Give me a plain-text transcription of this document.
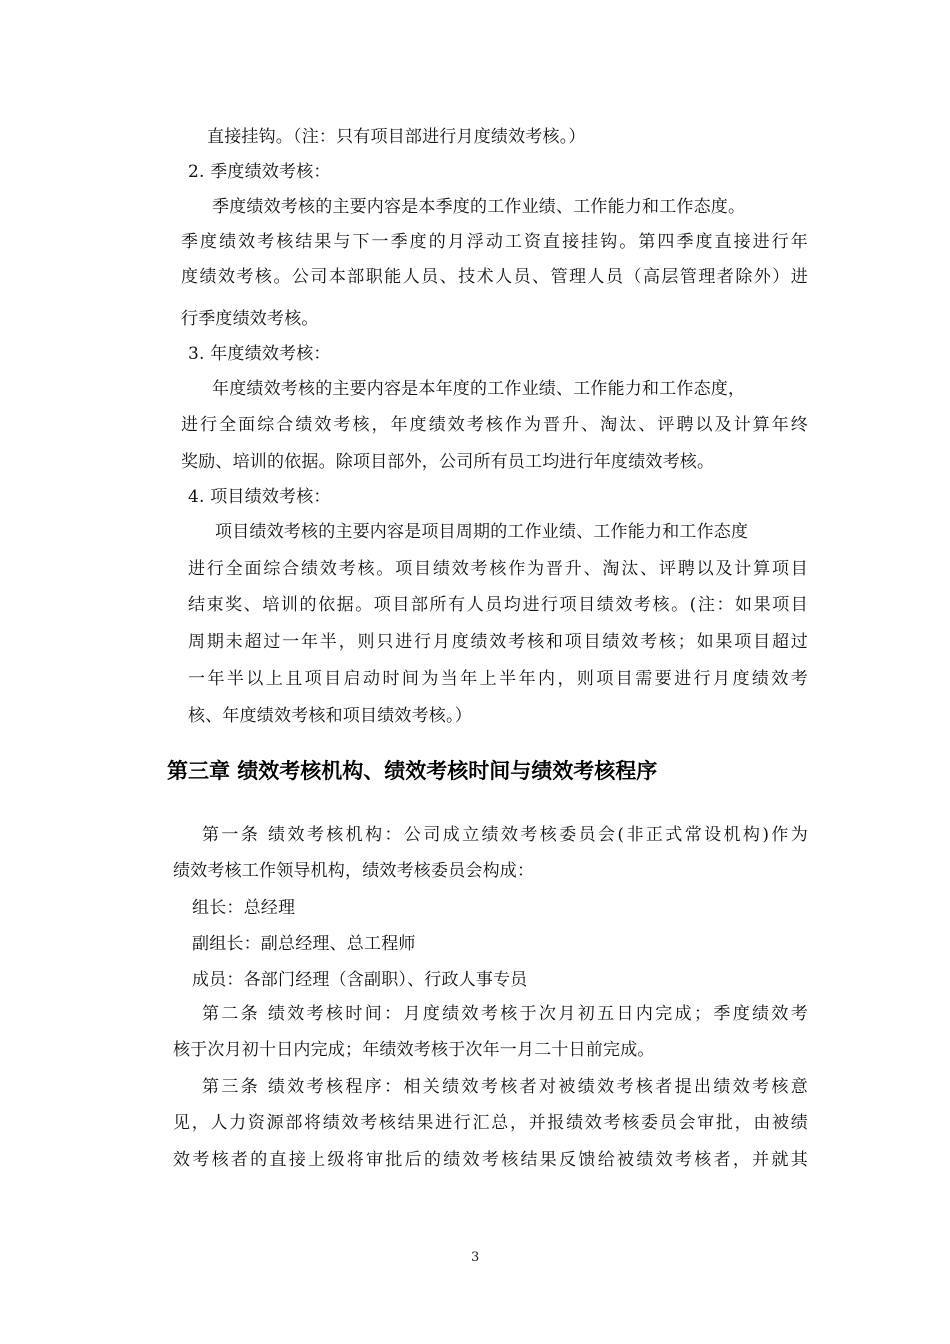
直接挂钩。（注：只有项目部进行月度绩效考核。）
2. 季度绩效考核：
季度绩效考核的主要内容是本季度的工作业绩、工作能力和工作态度。
季度绩效考核结果与下一季度的月浮动工资直接挂钩。第四季度直接进行年
度绩效考核。公司本部职能人员、技术人员、管理人员（高层管理者除外）进
行季度绩效考核。
3. 年度绩效考核：
年度绩效考核的主要内容是本年度的工作业绩、工作能力和工作态度，
进行全面综合绩效考核，年度绩效考核作为晋升、淘汰、评聘以及计算年终
奖励、培训的依据。除项目部外，公司所有员工均进行年度绩效考核。
4. 项目绩效考核：
项目绩效考核的主要内容是项目周期的工作业绩、工作能力和工作态度
进行全面综合绩效考核。项目绩效考核作为晋升、淘汰、评聘以及计算项目
结束奖、培训的依据。项目部所有人员均进行项目绩效考核。(注：如果项目
周期未超过一年半，则只进行月度绩效考核和项目绩效考核；如果项目超过
一年半以上且项目启动时间为当年上半年内，则项目需要进行月度绩效考
核、年度绩效考核和项目绩效考核。）
第三章 绩效考核机构、绩效考核时间与绩效考核程序
第一条 绩效考核机构：公司成立绩效考核委员会(非正式常设机构)作为
绩效考核工作领导机构，绩效考核委员会构成：
组长：总经理
副组长：副总经理、总工程师
成员：各部门经理（含副职）、行政人事专员
第二条 绩效考核时间：月度绩效考核于次月初五日内完成；季度绩效考
核于次月初十日内完成；年绩效考核于次年一月二十日前完成。
第三条 绩效考核程序：相关绩效考核者对被绩效考核者提出绩效考核意
见，人力资源部将绩效考核结果进行汇总，并报绩效考核委员会审批，由被绩
效考核者的直接上级将审批后的绩效考核结果反馈给被绩效考核者，并就其
3
